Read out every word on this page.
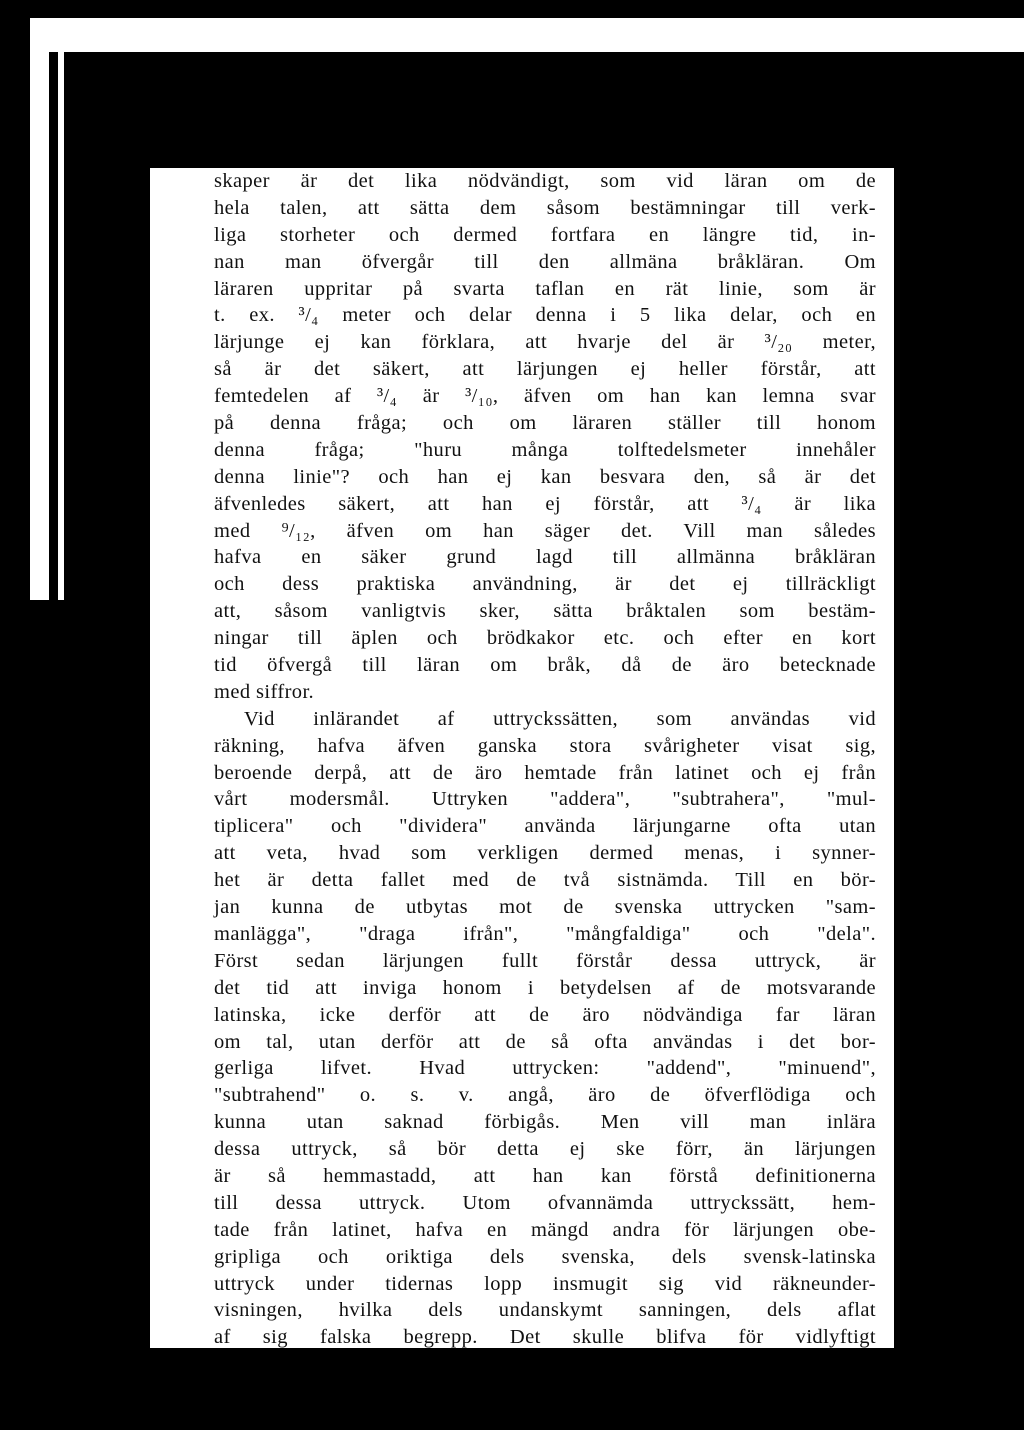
skaper är det lika nödvändigt, som vid läran om de
hela talen, att sätta dem såsom bestämningar till verk-
liga storheter och dermed fortfara en längre tid, in-
nan man öfvergår till den allmäna bråkläran. Om
läraren uppritar på svarta taflan en rät linie, som är
t. ex. ³/₄ meter och delar denna i 5 lika delar, och en
lärjunge ej kan förklara, att hvarje del är ³/₂₀ meter,
så är det säkert, att lärjungen ej heller förstår, att
femtedelen af ³/₄ är ³/₁₀, äfven om han kan lemna svar
på denna fråga; och om läraren ställer till honom
denna fråga; "huru många tolftedelsmeter innehåler
denna linie"? och han ej kan besvara den, så är det
äfvenledes säkert, att han ej förstår, att ³/₄ är lika
med ⁹/₁₂, äfven om han säger det. Vill man således
hafva en säker grund lagd till allmänna bråkläran
och dess praktiska användning, är det ej tillräckligt
att, såsom vanligtvis sker, sätta bråktalen som bestäm-
ningar till äplen och brödkakor etc. och efter en kort
tid öfvergå till läran om bråk, då de äro betecknade
med siffror.
Vid inlärandet af uttryckssätten, som användas vid
räkning, hafva äfven ganska stora svårigheter visat sig,
beroende derpå, att de äro hemtade från latinet och ej från
vårt modersmål. Uttryken "addera", "subtrahera", "mul-
tiplicera" och "dividera" använda lärjungarne ofta utan
att veta, hvad som verkligen dermed menas, i synner-
het är detta fallet med de två sistnämda. Till en bör-
jan kunna de utbytas mot de svenska uttrycken "sam-
manlägga", "draga ifrån", "mångfaldiga" och "dela".
Först sedan lärjungen fullt förstår dessa uttryck, är
det tid att inviga honom i betydelsen af de motsvarande
latinska, icke derför att de äro nödvändiga far läran
om tal, utan derför att de så ofta användas i det bor-
gerliga lifvet. Hvad uttrycken: "addend", "minuend",
"subtrahend" o. s. v. angå, äro de öfverflödiga och
kunna utan saknad förbigås. Men vill man inlära
dessa uttryck, så bör detta ej ske förr, än lärjungen
är så hemmastadd, att han kan förstå definitionerna
till dessa uttryck. Utom ofvannämda uttryckssätt, hem-
tade från latinet, hafva en mängd andra för lärjungen obe-
gripliga och oriktiga dels svenska, dels svensk-latinska
uttryck under tidernas lopp insmugit sig vid räkneunder-
visningen, hvilka dels undanskymt sanningen, dels aflat
af sig falska begrepp. Det skulle blifva för vidlyftigt
